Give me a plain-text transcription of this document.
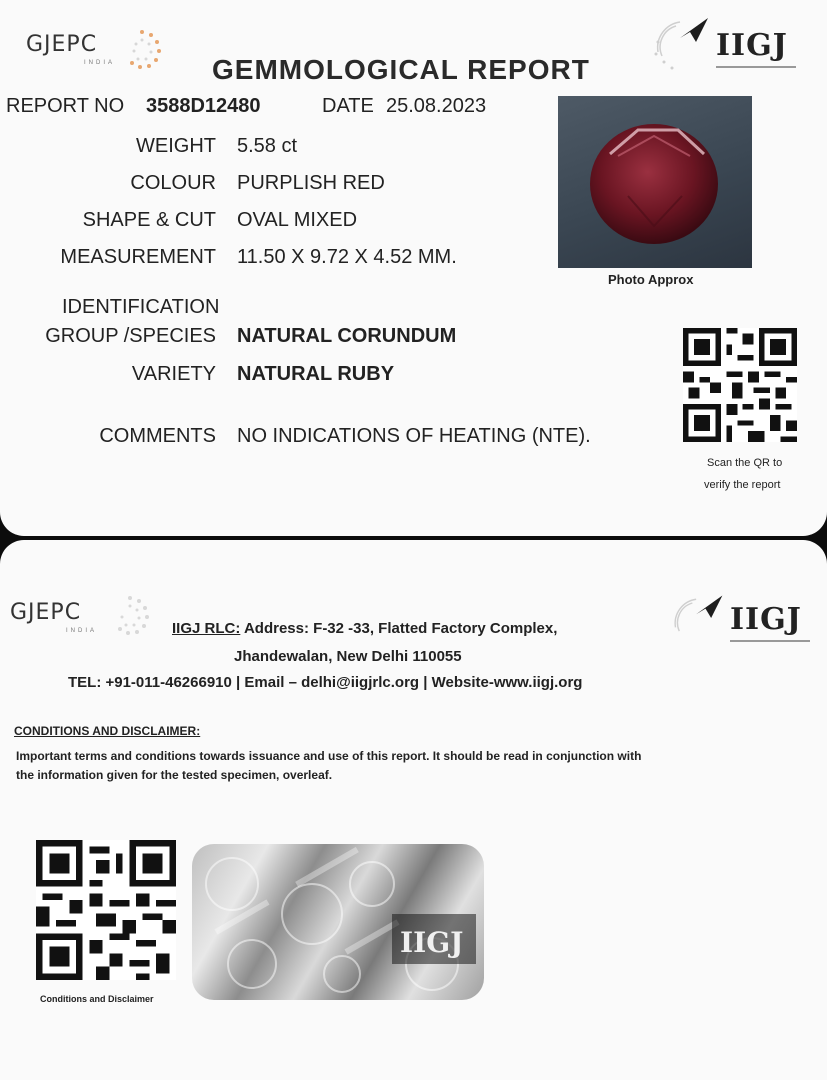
GJEPC
INDIA	IIGJ
GEMMOLOGICAL REPORT
REPORT NO 3588D12480	DATE 25.08.2023
WEIGHT 5.58 ct
COLOUR PURPLISH RED
SHAPE & CUT OVAL MIXED
MEASUREMENT 11.50 X 9.72 X 4.52 MM.
IDENTIFICATION
GROUP /SPECIES NATURAL CORUNDUM
VARIETY NATURAL RUBY
COMMENTS NO INDICATIONS OF HEATING (NTE).
Photo Approx
Scan the QR to
verify the report
GJEPC
INDIA	IIGJ
IIGJ RLC: Address: F-32 -33, Flatted Factory Complex,
Jhandewalan, New Delhi 110055
TEL: +91-011-46266910 | Email – delhi@iigjrlc.org | Website-www.iigj.org
CONDITIONS AND DISCLAIMER:
Important terms and conditions towards issuance and use of this report. It should be read in conjunction with
the information given for the tested specimen, overleaf.
Conditions and Disclaimer
IIGJ
